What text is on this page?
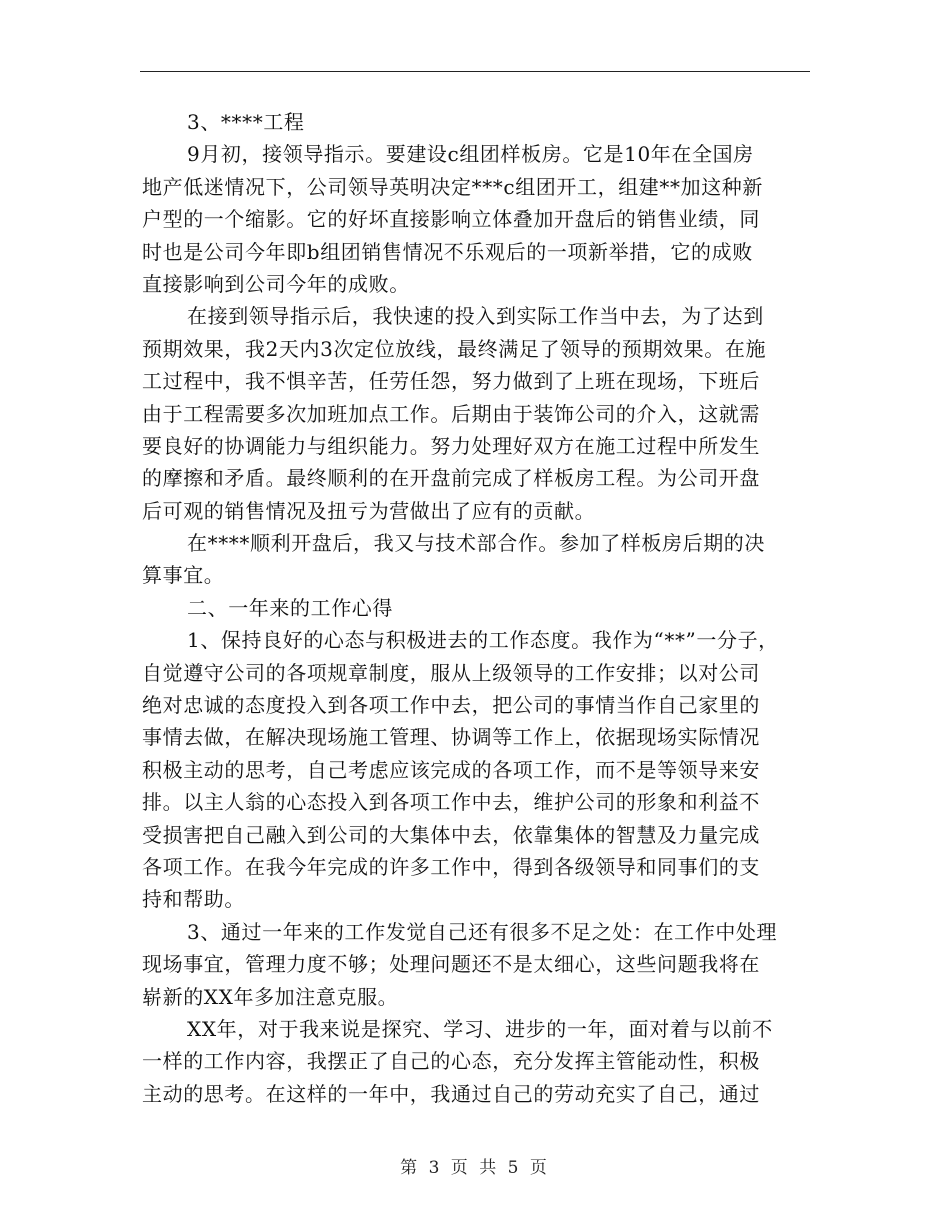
3、****工程
9月初，接领导指示。要建设c组团样板房。它是10年在全国房
地产低迷情况下，公司领导英明决定***c组团开工，组建**加这种新
户型的一个缩影。它的好坏直接影响立体叠加开盘后的销售业绩，同
时也是公司今年即b组团销售情况不乐观后的一项新举措，它的成败
直接影响到公司今年的成败。
在接到领导指示后，我快速的投入到实际工作当中去，为了达到
预期效果，我2天内3次定位放线，最终满足了领导的预期效果。在施
工过程中，我不惧辛苦，任劳任怨，努力做到了上班在现场，下班后
由于工程需要多次加班加点工作。后期由于装饰公司的介入，这就需
要良好的协调能力与组织能力。努力处理好双方在施工过程中所发生
的摩擦和矛盾。最终顺利的在开盘前完成了样板房工程。为公司开盘
后可观的销售情况及扭亏为营做出了应有的贡献。
在****顺利开盘后，我又与技术部合作。参加了样板房后期的决
算事宜。
二、一年来的工作心得
1、保持良好的心态与积极进去的工作态度。我作为“**”一分子，
自觉遵守公司的各项规章制度，服从上级领导的工作安排；以对公司
绝对忠诚的态度投入到各项工作中去，把公司的事情当作自己家里的
事情去做，在解决现场施工管理、协调等工作上，依据现场实际情况
积极主动的思考，自己考虑应该完成的各项工作，而不是等领导来安
排。以主人翁的心态投入到各项工作中去，维护公司的形象和利益不
受损害把自己融入到公司的大集体中去，依靠集体的智慧及力量完成
各项工作。在我今年完成的许多工作中，得到各级领导和同事们的支
持和帮助。
3、通过一年来的工作发觉自己还有很多不足之处：在工作中处理
现场事宜，管理力度不够；处理问题还不是太细心，这些问题我将在
崭新的XX年多加注意克服。
XX年，对于我来说是探究、学习、进步的一年，面对着与以前不
一样的工作内容，我摆正了自己的心态，充分发挥主管能动性，积极
主动的思考。在这样的一年中，我通过自己的劳动充实了自己，通过
第 3 页 共 5 页
